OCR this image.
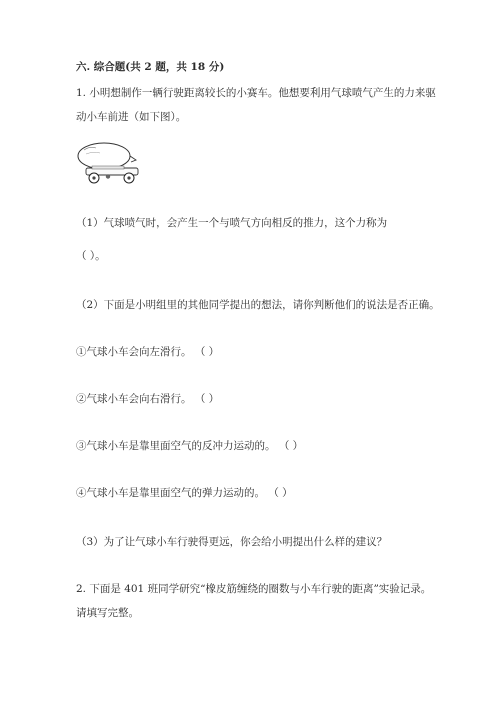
六. 综合题(共 2 题，共 18 分)
1. 小明想制作一辆行驶距离较长的小赛车。他想要利用气球喷气产生的力来驱
动小车前进（如下图）。
（1）气球喷气时，会产生一个与喷气方向相反的推力，这个力称为
（ ）。
（2）下面是小明组里的其他同学提出的想法，请你判断他们的说法是否正确。
①气球小车会向左滑行。 （ ）
②气球小车会向右滑行。 （ ）
③气球小车是靠里面空气的反冲力运动的。 （ ）
④气球小车是靠里面空气的弹力运动的。 （ ）
（3）为了让气球小车行驶得更远，你会给小明提出什么样的建议？
2. 下面是 401 班同学研究“橡皮筋缠绕的圈数与小车行驶的距离”实验记录。
请填写完整。
